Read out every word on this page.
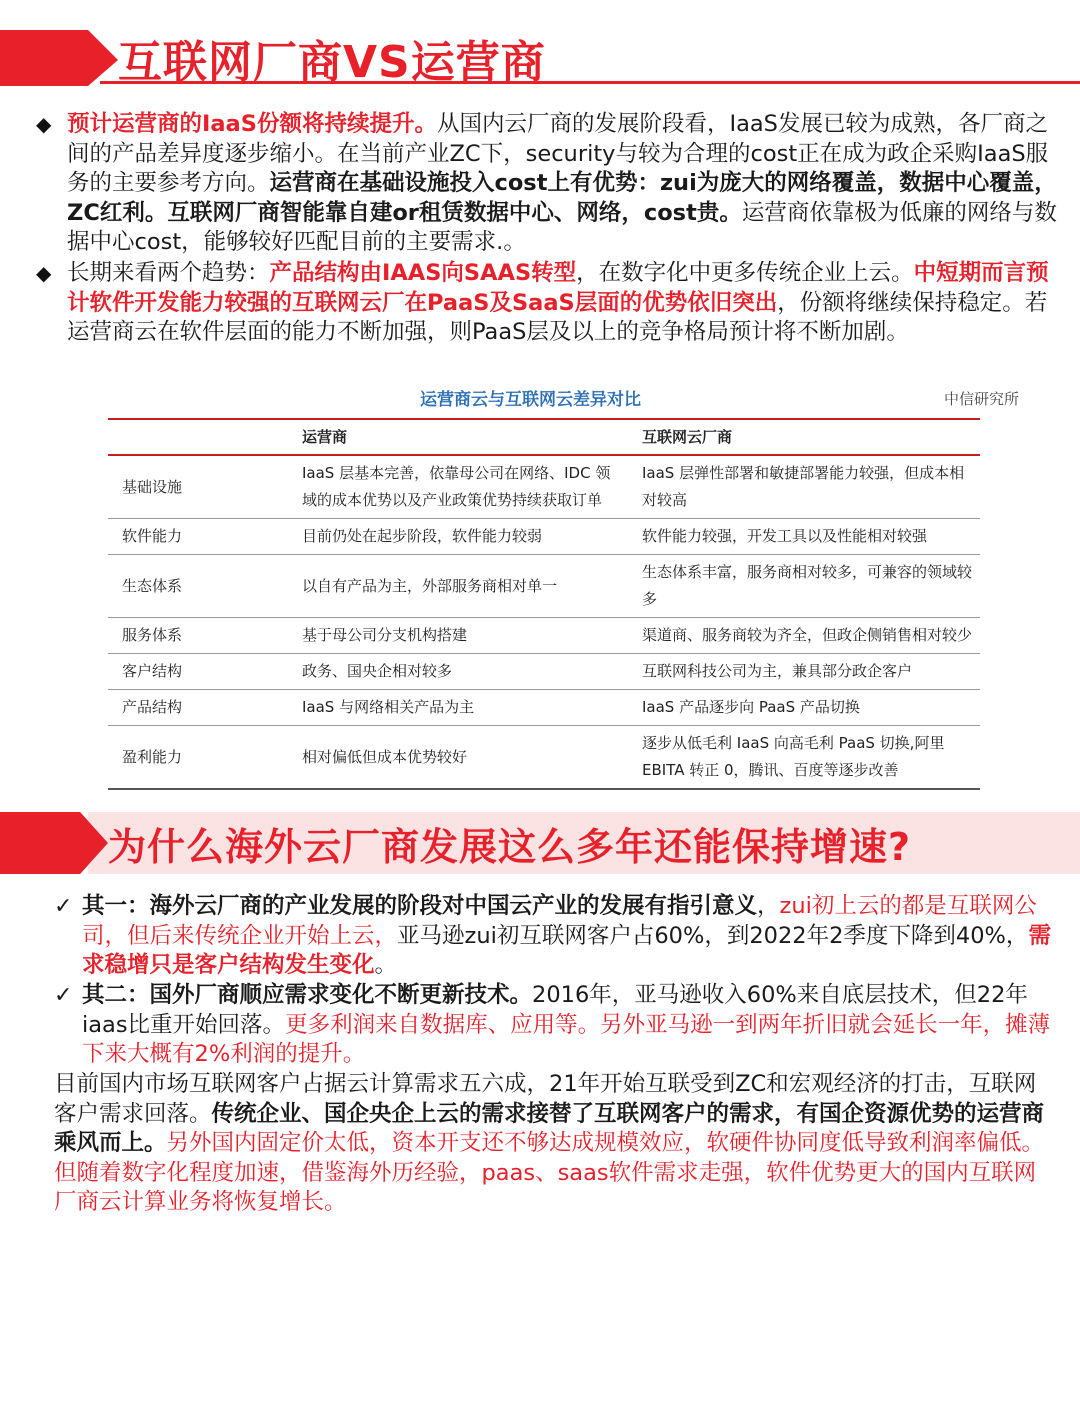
互联网厂商VS运营商
◆ 预计运营商的IaaS份额将持续提升。从国内云厂商的发展阶段看，IaaS发展已较为成熟，各厂商之间的产品差异度逐步缩小。在当前产业ZC下，security与较为合理的cost正在成为政企采购IaaS服务的主要参考方向。运营商在基础设施投入cost上有优势：zui为庞大的网络覆盖，数据中心覆盖，ZC红利。互联网厂商智能靠自建or租赁数据中心、网络，cost贵。运营商依靠极为低廉的网络与数据中心cost，能够较好匹配目前的主要需求.。
◆ 长期来看两个趋势：产品结构由IAAS向SAAS转型，在数字化中更多传统企业上云。中短期而言预计软件开发能力较强的互联网云厂在PaaS及SaaS层面的优势依旧突出，份额将继续保持稳定。若运营商云在软件层面的能力不断加强，则PaaS层及以上的竞争格局预计将不断加剧。
运营商云与互联网云差异对比	中信研究所
	运营商	互联网云厂商
基础设施	IaaS 层基本完善，依靠母公司在网络、IDC 领域的成本优势以及产业政策优势持续获取订单	IaaS 层弹性部署和敏捷部署能力较强，但成本相对较高
软件能力	目前仍处在起步阶段，软件能力较弱	软件能力较强，开发工具以及性能相对较强
生态体系	以自有产品为主，外部服务商相对单一	生态体系丰富，服务商相对较多，可兼容的领域较多
服务体系	基于母公司分支机构搭建	渠道商、服务商较为齐全，但政企侧销售相对较少
客户结构	政务、国央企相对较多	互联网科技公司为主，兼具部分政企客户
产品结构	IaaS 与网络相关产品为主	IaaS 产品逐步向 PaaS 产品切换
盈利能力	相对偏低但成本优势较好	逐步从低毛利 IaaS 向高毛利 PaaS 切换,阿里 EBITA 转正 0，腾讯、百度等逐步改善
为什么海外云厂商发展这么多年还能保持增速?
✓ 其一：海外云厂商的产业发展的阶段对中国云产业的发展有指引意义，zui初上云的都是互联网公司，但后来传统企业开始上云，亚马逊zui初互联网客户占60%，到2022年2季度下降到40%，需求稳增只是客户结构发生变化。
✓ 其二：国外厂商顺应需求变化不断更新技术。2016年，亚马逊收入60%来自底层技术，但22年iaas比重开始回落。更多利润来自数据库、应用等。另外亚马逊一到两年折旧就会延长一年，摊薄下来大概有2%利润的提升。
目前国内市场互联网客户占据云计算需求五六成，21年开始互联受到ZC和宏观经济的打击，互联网客户需求回落。传统企业、国企央企上云的需求接替了互联网客户的需求，有国企资源优势的运营商乘风而上。另外国内固定价太低，资本开支还不够达成规模效应，软硬件协同度低导致利润率偏低。但随着数字化程度加速，借鉴海外历经验，paas、saas软件需求走强，软件优势更大的国内互联网厂商云计算业务将恢复增长。
